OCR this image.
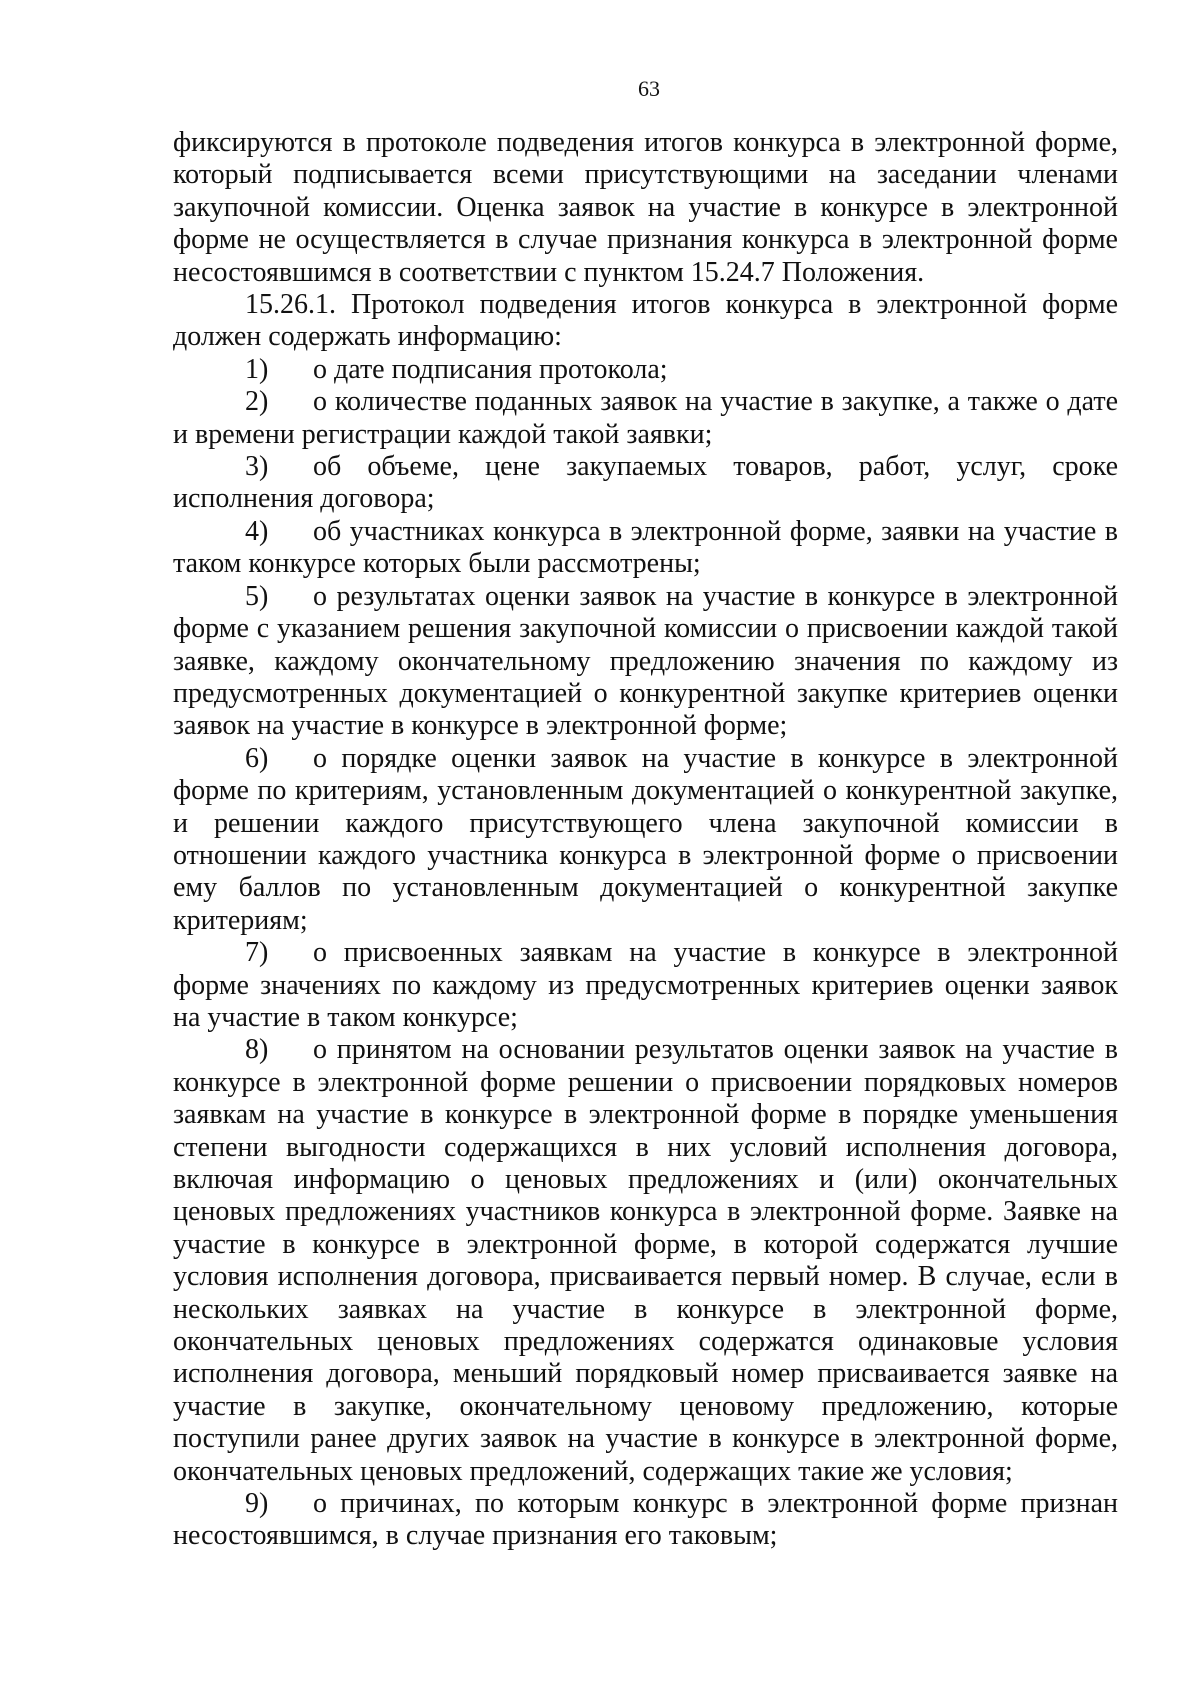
63

фиксируются в протоколе подведения итогов конкурса в электронной форме, который подписывается всеми присутствующими на заседании членами закупочной комиссии. Оценка заявок на участие в конкурсе в электронной форме не осуществляется в случае признания конкурса в электронной форме несостоявшимся в соответствии с пунктом 15.24.7 Положения.

15.26.1. Протокол подведения итогов конкурса в электронной форме должен содержать информацию:

1) о дате подписания протокола;

2) о количестве поданных заявок на участие в закупке, а также о дате и времени регистрации каждой такой заявки;

3) об объеме, цене закупаемых товаров, работ, услуг, сроке исполнения договора;

4) об участниках конкурса в электронной форме, заявки на участие в таком конкурсе которых были рассмотрены;

5) о результатах оценки заявок на участие в конкурсе в электронной форме с указанием решения закупочной комиссии о присвоении каждой такой заявке, каждому окончательному предложению значения по каждому из предусмотренных документацией о конкурентной закупке критериев оценки заявок на участие в конкурсе в электронной форме;

6) о порядке оценки заявок на участие в конкурсе в электронной форме по критериям, установленным документацией о конкурентной закупке, и решении каждого присутствующего члена закупочной комиссии в отношении каждого участника конкурса в электронной форме о присвоении ему баллов по установленным документацией о конкурентной закупке критериям;

7) о присвоенных заявкам на участие в конкурсе в электронной форме значениях по каждому из предусмотренных критериев оценки заявок на участие в таком конкурсе;

8) о принятом на основании результатов оценки заявок на участие в конкурсе в электронной форме решении о присвоении порядковых номеров заявкам на участие в конкурсе в электронной форме в порядке уменьшения степени выгодности содержащихся в них условий исполнения договора, включая информацию о ценовых предложениях и (или) окончательных ценовых предложениях участников конкурса в электронной форме. Заявке на участие в конкурсе в электронной форме, в которой содержатся лучшие условия исполнения договора, присваивается первый номер. В случае, если в нескольких заявках на участие в конкурсе в электронной форме, окончательных ценовых предложениях содержатся одинаковые условия исполнения договора, меньший порядковый номер присваивается заявке на участие в закупке, окончательному ценовому предложению, которые поступили ранее других заявок на участие в конкурсе в электронной форме, окончательных ценовых предложений, содержащих такие же условия;

9) о причинах, по которым конкурс в электронной форме признан несостоявшимся, в случае признания его таковым;
